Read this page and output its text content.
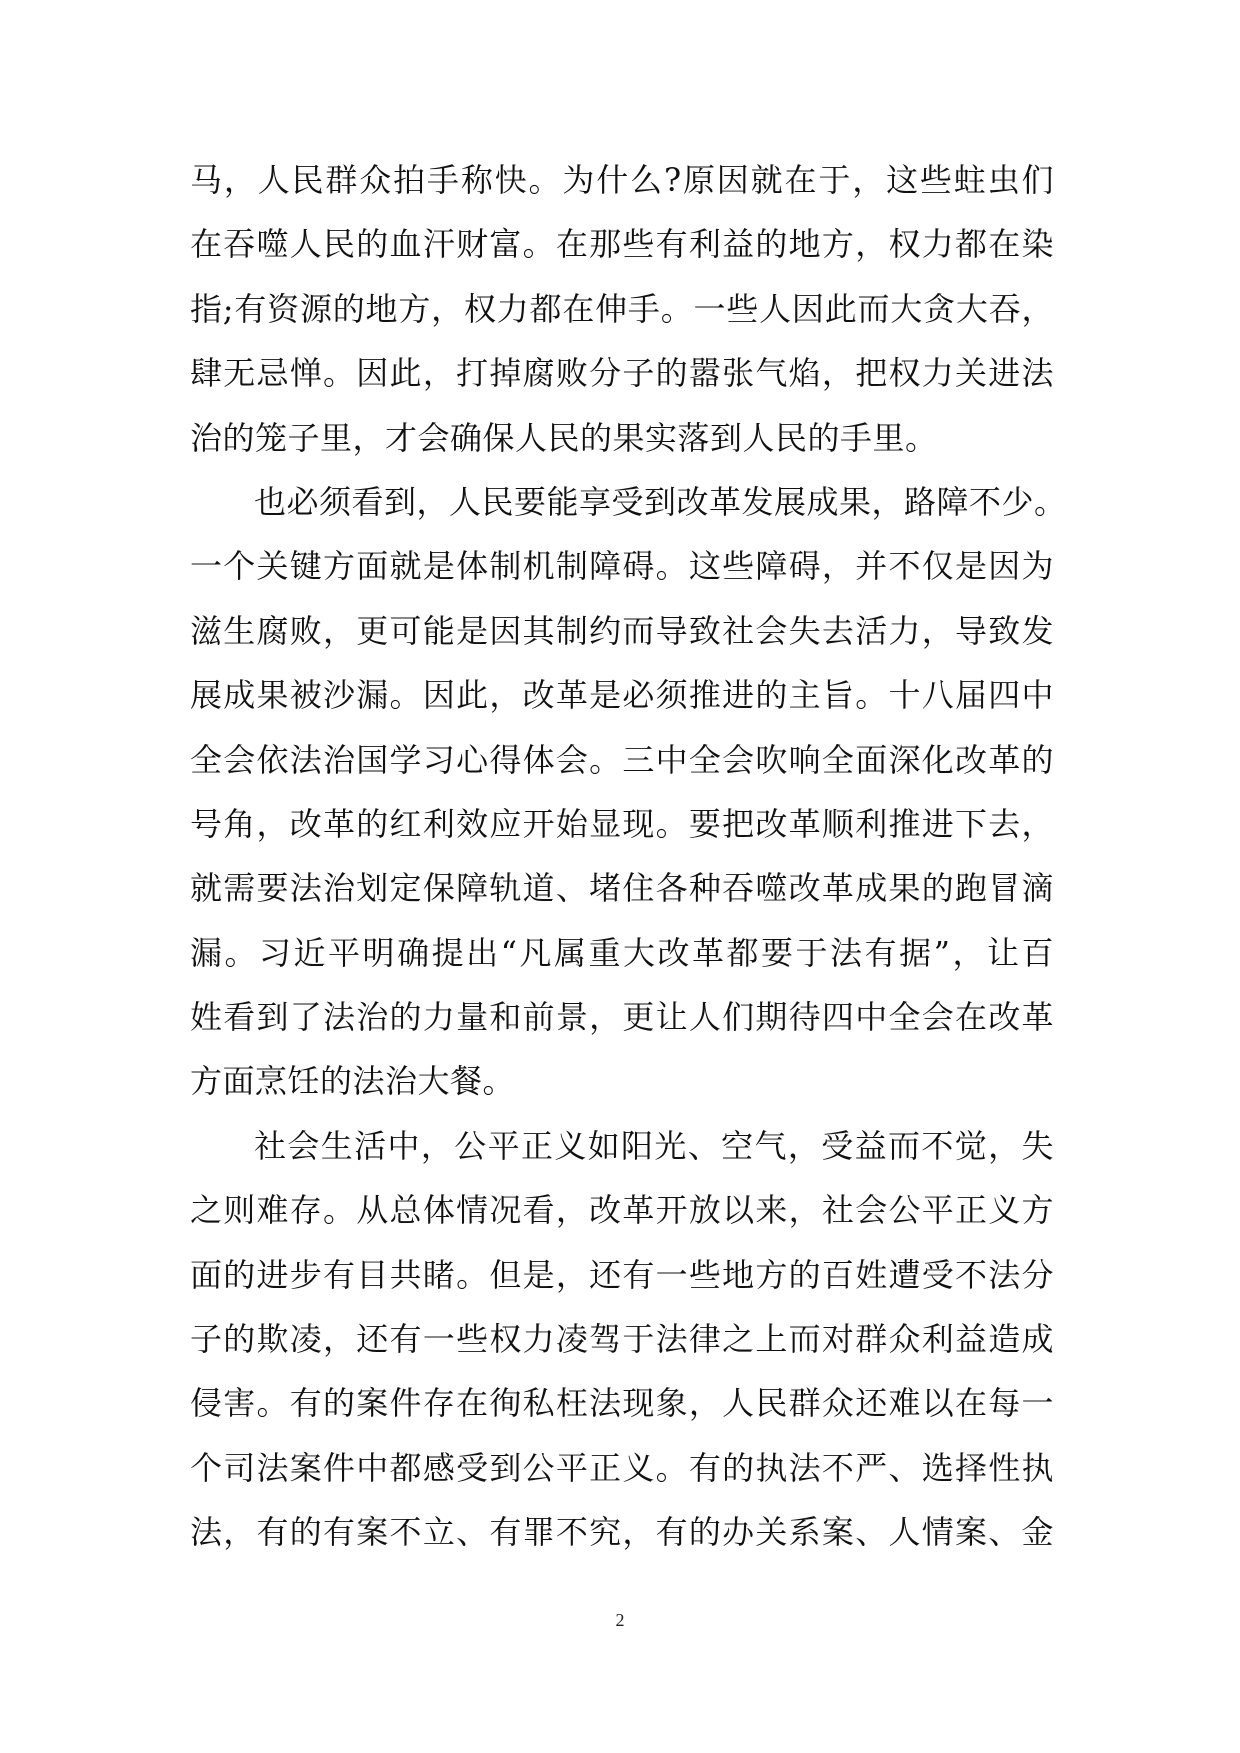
马，人民群众拍手称快。为什么?原因就在于，这些蛀虫们
在吞噬人民的血汗财富。在那些有利益的地方，权力都在染
指;有资源的地方，权力都在伸手。一些人因此而大贪大吞，
肆无忌惮。因此，打掉腐败分子的嚣张气焰，把权力关进法
治的笼子里，才会确保人民的果实落到人民的手里。
也必须看到，人民要能享受到改革发展成果，路障不少。
一个关键方面就是体制机制障碍。这些障碍，并不仅是因为
滋生腐败，更可能是因其制约而导致社会失去活力，导致发
展成果被沙漏。因此，改革是必须推进的主旨。十八届四中
全会依法治国学习心得体会。三中全会吹响全面深化改革的
号角，改革的红利效应开始显现。要把改革顺利推进下去，
就需要法治划定保障轨道、堵住各种吞噬改革成果的跑冒滴
漏。习近平明确提出“凡属重大改革都要于法有据”，让百
姓看到了法治的力量和前景，更让人们期待四中全会在改革
方面烹饪的法治大餐。
社会生活中，公平正义如阳光、空气，受益而不觉，失
之则难存。从总体情况看，改革开放以来，社会公平正义方
面的进步有目共睹。但是，还有一些地方的百姓遭受不法分
子的欺凌，还有一些权力凌驾于法律之上而对群众利益造成
侵害。有的案件存在徇私枉法现象，人民群众还难以在每一
个司法案件中都感受到公平正义。有的执法不严、选择性执
法，有的有案不立、有罪不究，有的办关系案、人情案、金
2
